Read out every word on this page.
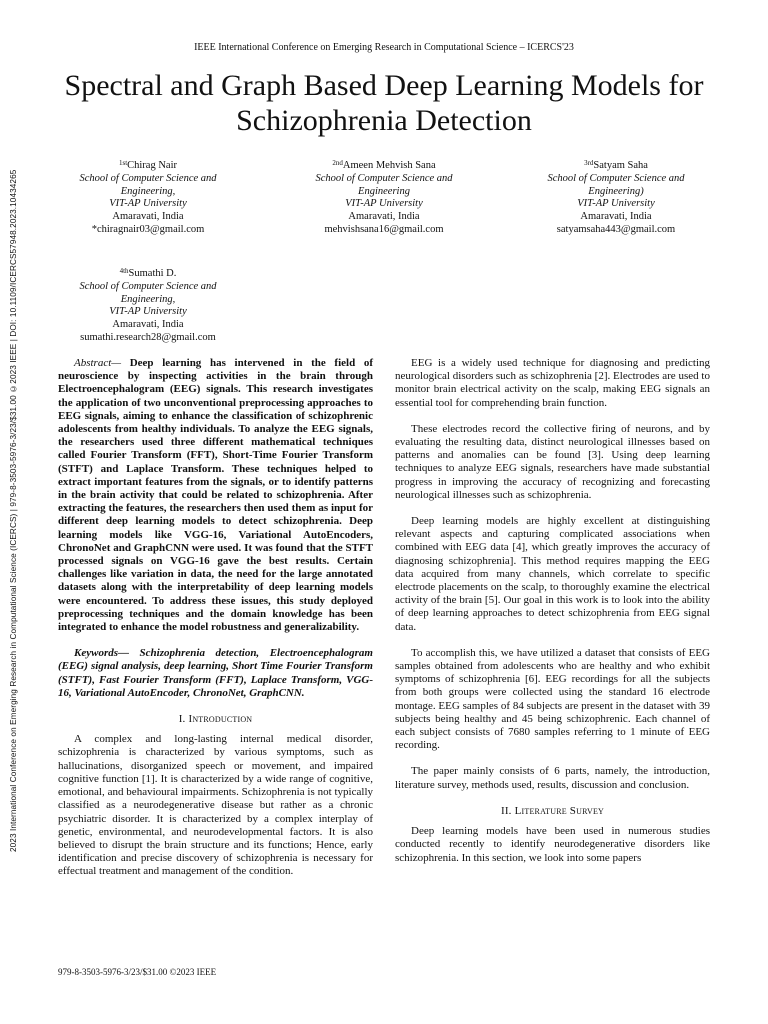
IEEE International Conference on Emerging Research in Computational Science – ICERCS'23
Spectral and Graph Based Deep Learning Models for Schizophrenia Detection
2023 International Conference on Emerging Research in Computational Science (ICERCS) | 979-8-3503-5976-3/23/$31.00 ©2023 IEEE | DOI: 10.1109/ICERCS57948.2023.10434265
$^{1st}$Chirag Nair
School of Computer Science and
Engineering,
VIT-AP University
Amaravati, India
*chiragnair03@gmail.com
$^{2nd}$Ameen Mehvish Sana
School of Computer Science and
Engineering
VIT-AP University
Amaravati, India
mehvishsana16@gmail.com
$^{3rd}$Satyam Saha
School of Computer Science and
Engineering)
VIT-AP University
Amaravati, India
satyamsaha443@gmail.com
$^{4th}$Sumathi D.
School of Computer Science and
Engineering,
VIT-AP University
Amaravati, India
sumathi.research28@gmail.com

Abstract— Deep learning has intervened in the field of neuroscience by inspecting activities in the brain through Electroencephalogram (EEG) signals. This research investigates the application of two unconventional preprocessing approaches to EEG signals, aiming to enhance the classification of schizophrenic adolescents from healthy individuals. To analyze the EEG signals, the researchers used three different mathematical techniques called Fourier Transform (FFT), Short-Time Fourier Transform (STFT) and Laplace Transform. These techniques helped to extract important features from the signals, or to identify patterns in the brain activity that could be related to schizophrenia. After extracting the features, the researchers then used them as input for different deep learning models to detect schizophrenia. Deep learning models like VGG-16, Variational AutoEncoders, ChronoNet and GraphCNN were used. It was found that the STFT processed signals on VGG-16 gave the best results. Certain challenges like variation in data, the need for the large annotated datasets along with the interpretability of deep learning models were encountered. To address these issues, this study deployed preprocessing techniques and the domain knowledge has been integrated to enhance the model robustness and generalizability.

Keywords— Schizophrenia detection, Electroencephalogram (EEG) signal analysis, deep learning, Short Time Fourier Transform (STFT), Fast Fourier Transform (FFT), Laplace Transform, VGG-16, Variational AutoEncoder, ChronoNet, GraphCNN.

I. Introduction

A complex and long-lasting internal medical disorder, schizophrenia is characterized by various symptoms, such as hallucinations, disorganized speech or movement, and impaired cognitive function [1]. It is characterized by a wide range of cognitive, emotional, and behavioural impairments. Schizophrenia is not typically classified as a neurodegenerative disease but rather as a chronic psychiatric disorder. It is characterized by a complex interplay of genetic, environmental, and neurodevelopmental factors. It is also believed to disrupt the brain structure and its functions; Hence, early identification and precise discovery of schizophrenia is necessary for effectual treatment and management of the condition.

EEG is a widely used technique for diagnosing and predicting neurological disorders such as schizophrenia [2]. Electrodes are used to monitor brain electrical activity on the scalp, making EEG signals an essential tool for comprehending brain function.

These electrodes record the collective firing of neurons, and by evaluating the resulting data, distinct neurological illnesses based on patterns and anomalies can be found [3]. Using deep learning techniques to analyze EEG signals, researchers have made substantial progress in improving the accuracy of recognizing and forecasting neurological illnesses such as schizophrenia.

Deep learning models are highly excellent at distinguishing relevant aspects and capturing complicated associations when combined with EEG data [4], which greatly improves the accuracy of diagnosing schizophrenia]. This method requires mapping the EEG data acquired from many channels, which correlate to specific electrode placements on the scalp, to thoroughly examine the electrical activity of the brain [5]. Our goal in this work is to look into the ability of deep learning approaches to detect schizophrenia from EEG signal data.

To accomplish this, we have utilized a dataset that consists of EEG samples obtained from adolescents who are healthy and who exhibit symptoms of schizophrenia [6]. EEG recordings for all the subjects from both groups were collected using the standard 16 electrode montage. EEG samples of 84 subjects are present in the dataset with 39 subjects being healthy and 45 being schizophrenic. Each channel of each subject consists of 7680 samples referring to 1 minute of EEG recording.

The paper mainly consists of 6 parts, namely, the introduction, literature survey, methods used, results, discussion and conclusion.

II. Literature Survey

Deep learning models have been used in numerous studies conducted recently to identify neurodegenerative disorders like schizophrenia. In this section, we look into some papers

979-8-3503-5976-3/23/$31.00 ©2023 IEEE
